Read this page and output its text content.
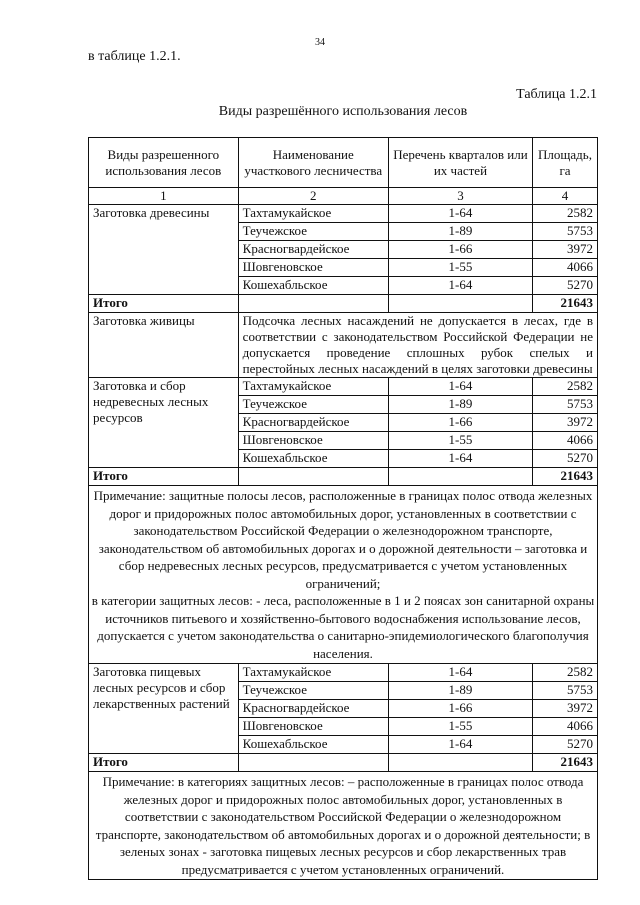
34
в таблице 1.2.1.
Таблица 1.2.1
Виды разрешённого использования лесов
Виды разрешенного использования лесов	Наименование участкового лесничества	Перечень кварталов или их частей	Площадь, га
1	2	3	4
Заготовка древесины	Тахтамукайское	1-64	2582
	Теучежское	1-89	5753
	Красногвардейское	1-66	3972
	Шовгеновское	1-55	4066
	Кошехабльское	1-64	5270
Итого			21643
Заготовка живицы	Подсочка лесных насаждений не допускается в лесах, где в соответствии с законодательством Российской Федерации не допускается проведение сплошных рубок спелых и перестойных лесных насаждений в целях заготовки древесины		
Заготовка и сбор недревесных лесных ресурсов	Тахтамукайское	1-64	2582
	Теучежское	1-89	5753
	Красногвардейское	1-66	3972
	Шовгеновское	1-55	4066
	Кошехабльское	1-64	5270
Итого			21643

Примечание: защитные полосы лесов, расположенные в границах полос отвода железных дорог и придорожных полос автомобильных дорог, установленных в соответствии с законодательством Российской Федерации о железнодорожном транспорте, законодательством об автомобильных дорогах и о дорожной деятельности – заготовка и сбор недревесных лесных ресурсов, предусматривается с учетом установленных ограничений;
в категории защитных лесов: - леса, расположенные в 1 и 2 поясах зон санитарной охраны источников питьевого и хозяйственно-бытового водоснабжения использование лесов, допускается с учетом законодательства о санитарно-эпидемиологического благополучия населения.			

Заготовка пищевых лесных ресурсов и сбор лекарственных растений	Тахтамукайское	1-64	2582
	Теучежское	1-89	5753
	Красногвардейское	1-66	3972
	Шовгеновское	1-55	4066
	Кошехабльское	1-64	5270
Итого			21643

Примечание: в категориях защитных лесов: – расположенные в границах полос отвода железных дорог и придорожных полос автомобильных дорог, установленных в соответствии с законодательством Российской Федерации о железнодорожном транспорте, законодательством об автомобильных дорогах и о дорожной деятельности; в зеленых зонах - заготовка пищевых лесных ресурсов и сбор лекарственных трав предусматривается с учетом установленных ограничений.			
